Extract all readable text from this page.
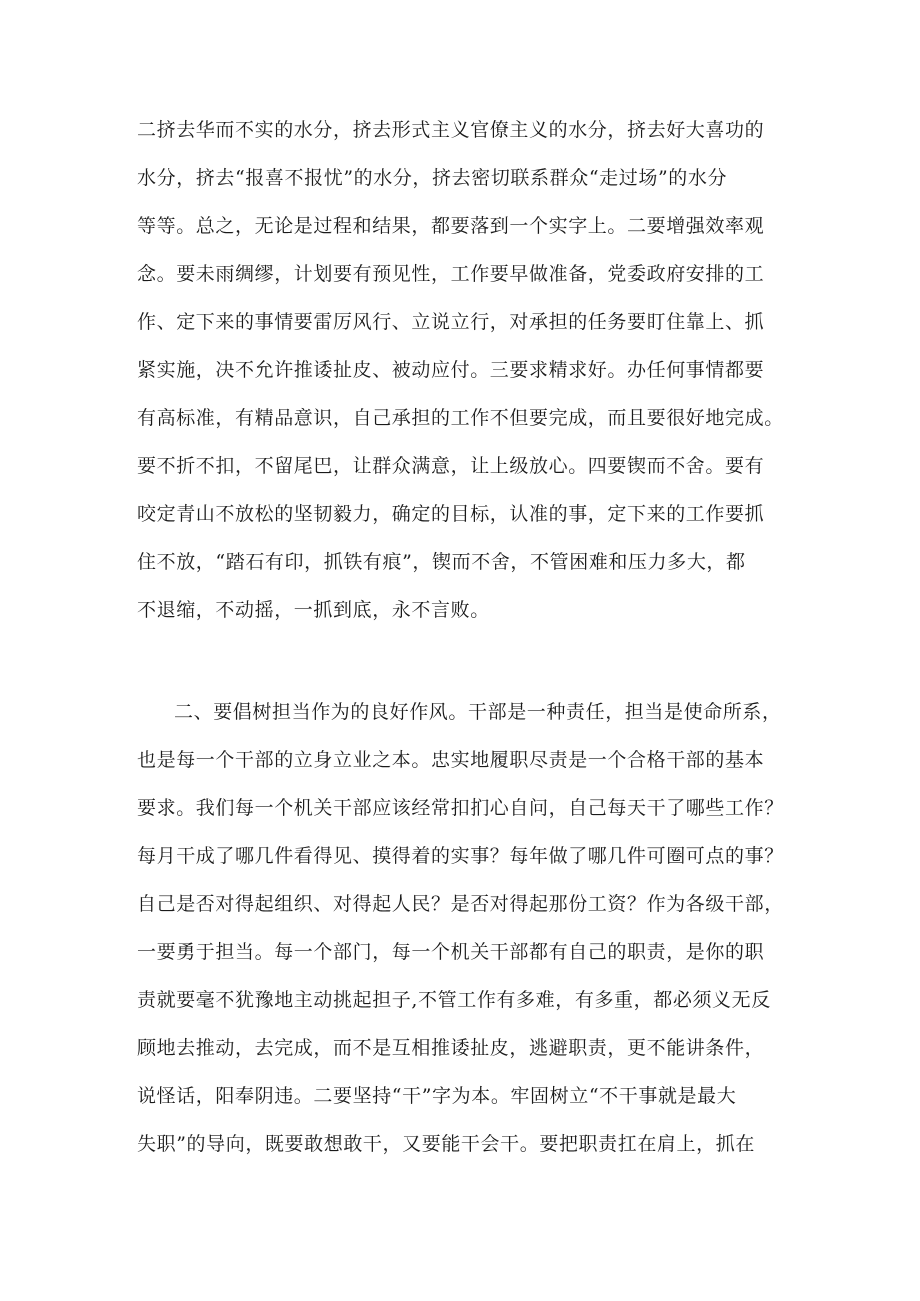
二挤去华而不实的水分，挤去形式主义官僚主义的水分，挤去好大喜功的
水分，挤去“报喜不报忧”的水分，挤去密切联系群众“走过场”的水分
等等。总之，无论是过程和结果，都要落到一个实字上。二要增强效率观
念。要未雨绸缪，计划要有预见性，工作要早做准备，党委政府安排的工
作、定下来的事情要雷厉风行、立说立行，对承担的任务要盯住靠上、抓
紧实施，决不允许推诿扯皮、被动应付。三要求精求好。办任何事情都要
有高标准，有精品意识，自己承担的工作不但要完成，而且要很好地完成。
要不折不扣，不留尾巴，让群众满意，让上级放心。四要锲而不舍。要有
咬定青山不放松的坚韧毅力，确定的目标，认准的事，定下来的工作要抓
住不放，“踏石有印，抓铁有痕”，锲而不舍，不管困难和压力多大，都
不退缩，不动摇，一抓到底，永不言败。
二、要倡树担当作为的良好作风。干部是一种责任，担当是使命所系，
也是每一个干部的立身立业之本。忠实地履职尽责是一个合格干部的基本
要求。我们每一个机关干部应该经常扣扪心自问，自己每天干了哪些工作？
每月干成了哪几件看得见、摸得着的实事？每年做了哪几件可圈可点的事？
自己是否对得起组织、对得起人民？是否对得起那份工资？作为各级干部，
一要勇于担当。每一个部门，每一个机关干部都有自己的职责，是你的职
责就要毫不犹豫地主动挑起担子,不管工作有多难，有多重，都必须义无反
顾地去推动，去完成，而不是互相推诿扯皮，逃避职责，更不能讲条件，
说怪话，阳奉阴违。二要坚持“干”字为本。牢固树立“不干事就是最大
失职”的导向，既要敢想敢干，又要能干会干。要把职责扛在肩上，抓在
